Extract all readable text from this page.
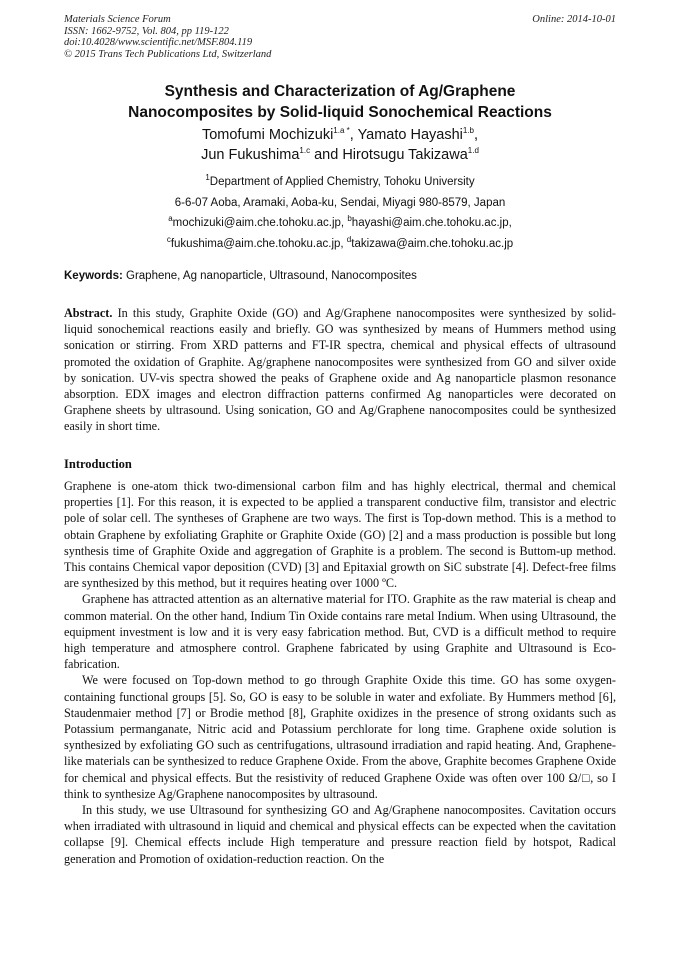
Materials Science Forum
ISSN: 1662-9752, Vol. 804, pp 119-122
doi:10.4028/www.scientific.net/MSF.804.119
© 2015 Trans Tech Publications Ltd, Switzerland
Online: 2014-10-01
Synthesis and Characterization of Ag/Graphene
Nanocomposites by Solid-liquid Sonochemical Reactions
Tomofumi Mochizuki$^{1.a *}$, Yamato Hayashi$^{1.b}$,
Jun Fukushima$^{1.c}$ and Hirotsugu Takizawa$^{1.d}$
$^1$Department of Applied Chemistry, Tohoku University
6-6-07 Aoba, Aramaki, Aoba-ku, Sendai, Miyagi 980-8579, Japan
$^a$mochizuki@aim.che.tohoku.ac.jp, $^b$hayashi@aim.che.tohoku.ac.jp,
$^c$fukushima@aim.che.tohoku.ac.jp, $^d$takizawa@aim.che.tohoku.ac.jp
Keywords: Graphene, Ag nanoparticle, Ultrasound, Nanocomposites
Abstract. In this study, Graphite Oxide (GO) and Ag/Graphene nanocomposites were synthesized by solid-liquid sonochemical reactions easily and briefly. GO was synthesized by means of Hummers method using sonication or stirring. From XRD patterns and FT-IR spectra, chemical and physical effects of ultrasound promoted the oxidation of Graphite. Ag/graphene nanocomposites were synthesized from GO and silver oxide by sonication. UV-vis spectra showed the peaks of Graphene oxide and Ag nanoparticle plasmon resonance absorption. EDX images and electron diffraction patterns confirmed Ag nanoparticles were decorated on Graphene sheets by ultrasound. Using sonication, GO and Ag/Graphene nanocomposites could be synthesized easily in short time.
Introduction

Graphene is one-atom thick two-dimensional carbon film and has highly electrical, thermal and chemical properties [1]. For this reason, it is expected to be applied a transparent conductive film, transistor and electric pole of solar cell. The syntheses of Graphene are two ways. The first is Top-down method. This is a method to obtain Graphene by exfoliating Graphite or Graphite Oxide (GO) [2] and a mass production is possible but long synthesis time of Graphite Oxide and aggregation of Graphite is a problem. The second is Buttom-up method. This contains Chemical vapor deposition (CVD) [3] and Epitaxial growth on SiC substrate [4]. Defect-free films are synthesized by this method, but it requires heating over 1000 ºC.

Graphene has attracted attention as an alternative material for ITO. Graphite as the raw material is cheap and common material. On the other hand, Indium Tin Oxide contains rare metal Indium. When using Ultrasound, the equipment investment is low and it is very easy fabrication method. But, CVD is a difficult method to require high temperature and atmosphere control. Graphene fabricated by using Graphite and Ultrasound is Eco-fabrication.

We were focused on Top-down method to go through Graphite Oxide this time. GO has some oxygen-containing functional groups [5]. So, GO is easy to be soluble in water and exfoliate. By Hummers method [6], Staudenmaier method [7] or Brodie method [8], Graphite oxidizes in the presence of strong oxidants such as Potassium permanganate, Nitric acid and Potassium perchlorate for long time. Graphene oxide solution is synthesized by exfoliating GO such as centrifugations, ultrasound irradiation and rapid heating. And, Graphene-like materials can be synthesized to reduce Graphene Oxide. From the above, Graphite becomes Graphene Oxide for chemical and physical effects. But the resistivity of reduced Graphene Oxide was often over 100 Ω/□, so I think to synthesize Ag/Graphene nanocomposites by ultrasound.

In this study, we use Ultrasound for synthesizing GO and Ag/Graphene nanocomposites. Cavitation occurs when irradiated with ultrasound in liquid and chemical and physical effects can be expected when the cavitation collapse [9]. Chemical effects include High temperature and pressure reaction field by hotspot, Radical generation and Promotion of oxidation-reduction reaction. On the
